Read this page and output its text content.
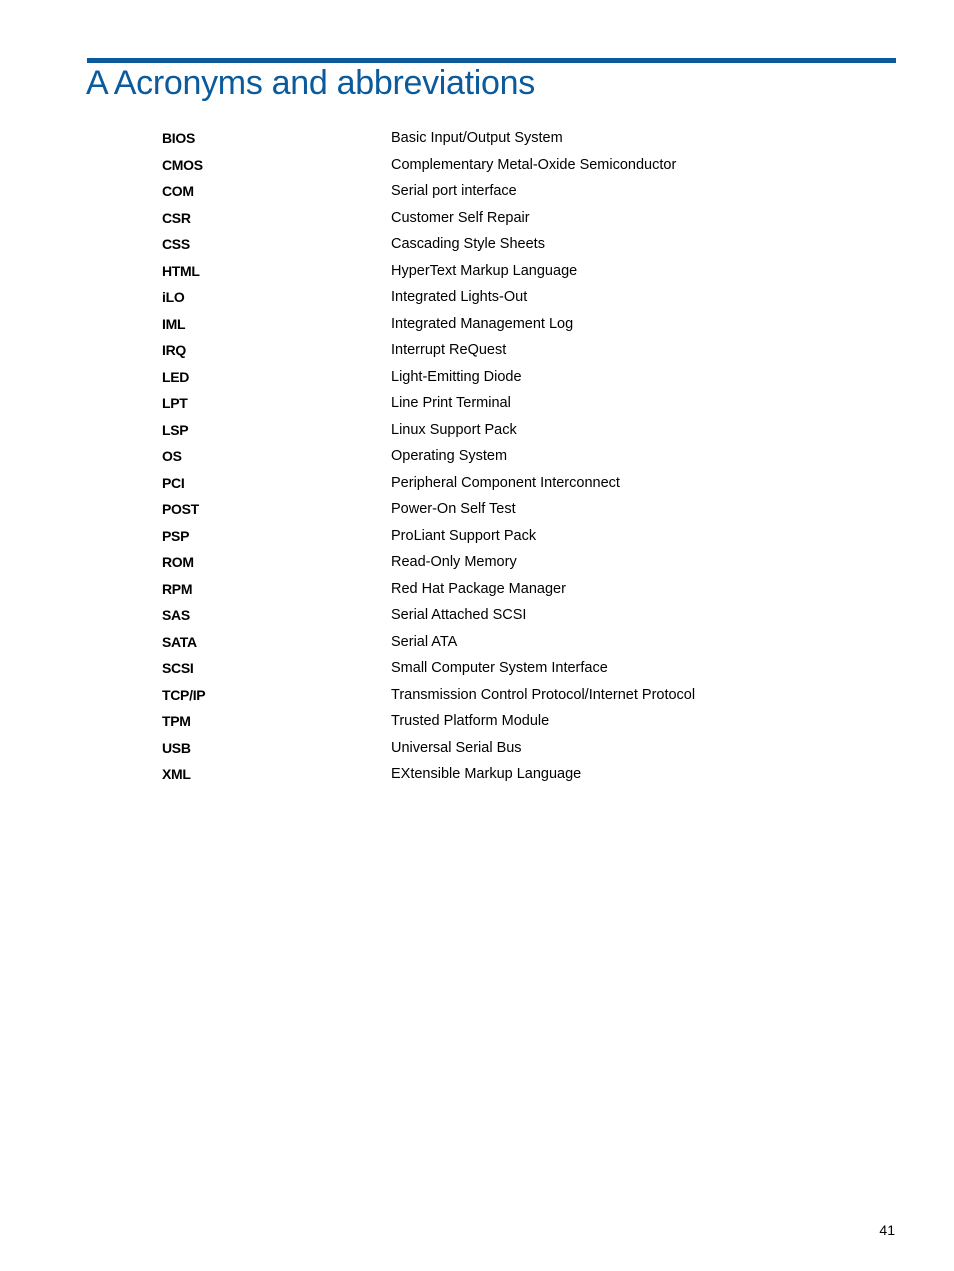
A Acronyms and abbreviations
BIOS	Basic Input/Output System
CMOS	Complementary Metal-Oxide Semiconductor
COM	Serial port interface
CSR	Customer Self Repair
CSS	Cascading Style Sheets
HTML	HyperText Markup Language
iLO	Integrated Lights-Out
IML	Integrated Management Log
IRQ	Interrupt ReQuest
LED	Light-Emitting Diode
LPT	Line Print Terminal
LSP	Linux Support Pack
OS	Operating System
PCI	Peripheral Component Interconnect
POST	Power-On Self Test
PSP	ProLiant Support Pack
ROM	Read-Only Memory
RPM	Red Hat Package Manager
SAS	Serial Attached SCSI
SATA	Serial ATA
SCSI	Small Computer System Interface
TCP/IP	Transmission Control Protocol/Internet Protocol
TPM	Trusted Platform Module
USB	Universal Serial Bus
XML	EXtensible Markup Language
41
